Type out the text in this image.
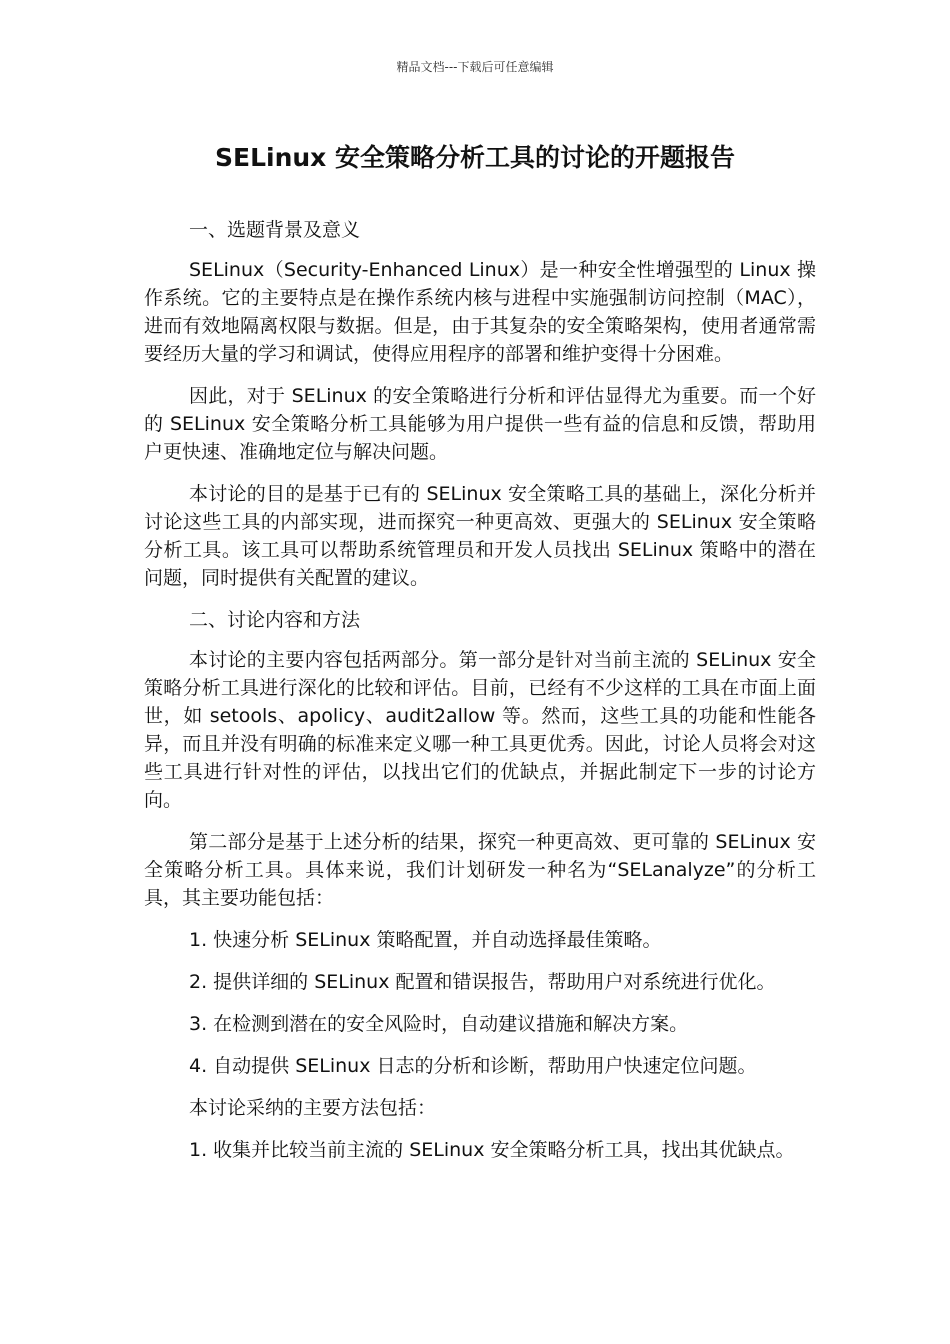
精品文档---下载后可任意编辑
SELinux 安全策略分析工具的讨论的开题报告

一、选题背景及意义

SELinux（Security-Enhanced Linux）是一种安全性增强型的 Linux 操作系统。它的主要特点是在操作系统内核与进程中实施强制访问控制（MAC），进而有效地隔离权限与数据。但是，由于其复杂的安全策略架构，使用者通常需要经历大量的学习和调试，使得应用程序的部署和维护变得十分困难。

因此，对于 SELinux 的安全策略进行分析和评估显得尤为重要。而一个好的 SELinux 安全策略分析工具能够为用户提供一些有益的信息和反馈，帮助用户更快速、准确地定位与解决问题。

本讨论的目的是基于已有的 SELinux 安全策略工具的基础上，深化分析并讨论这些工具的内部实现，进而探究一种更高效、更强大的 SELinux 安全策略分析工具。该工具可以帮助系统管理员和开发人员找出 SELinux 策略中的潜在问题，同时提供有关配置的建议。

二、讨论内容和方法

本讨论的主要内容包括两部分。第一部分是针对当前主流的 SELinux 安全策略分析工具进行深化的比较和评估。目前，已经有不少这样的工具在市面上面世，如 setools、apolicy、audit2allow 等。然而，这些工具的功能和性能各异，而且并没有明确的标准来定义哪一种工具更优秀。因此，讨论人员将会对这些工具进行针对性的评估，以找出它们的优缺点，并据此制定下一步的讨论方向。

第二部分是基于上述分析的结果，探究一种更高效、更可靠的 SELinux 安全策略分析工具。具体来说，我们计划研发一种名为“SELanalyze”的分析工具，其主要功能包括：

1. 快速分析 SELinux 策略配置，并自动选择最佳策略。

2. 提供详细的 SELinux 配置和错误报告，帮助用户对系统进行优化。

3. 在检测到潜在的安全风险时，自动建议措施和解决方案。

4. 自动提供 SELinux 日志的分析和诊断，帮助用户快速定位问题。

本讨论采纳的主要方法包括：

1. 收集并比较当前主流的 SELinux 安全策略分析工具，找出其优缺点。
